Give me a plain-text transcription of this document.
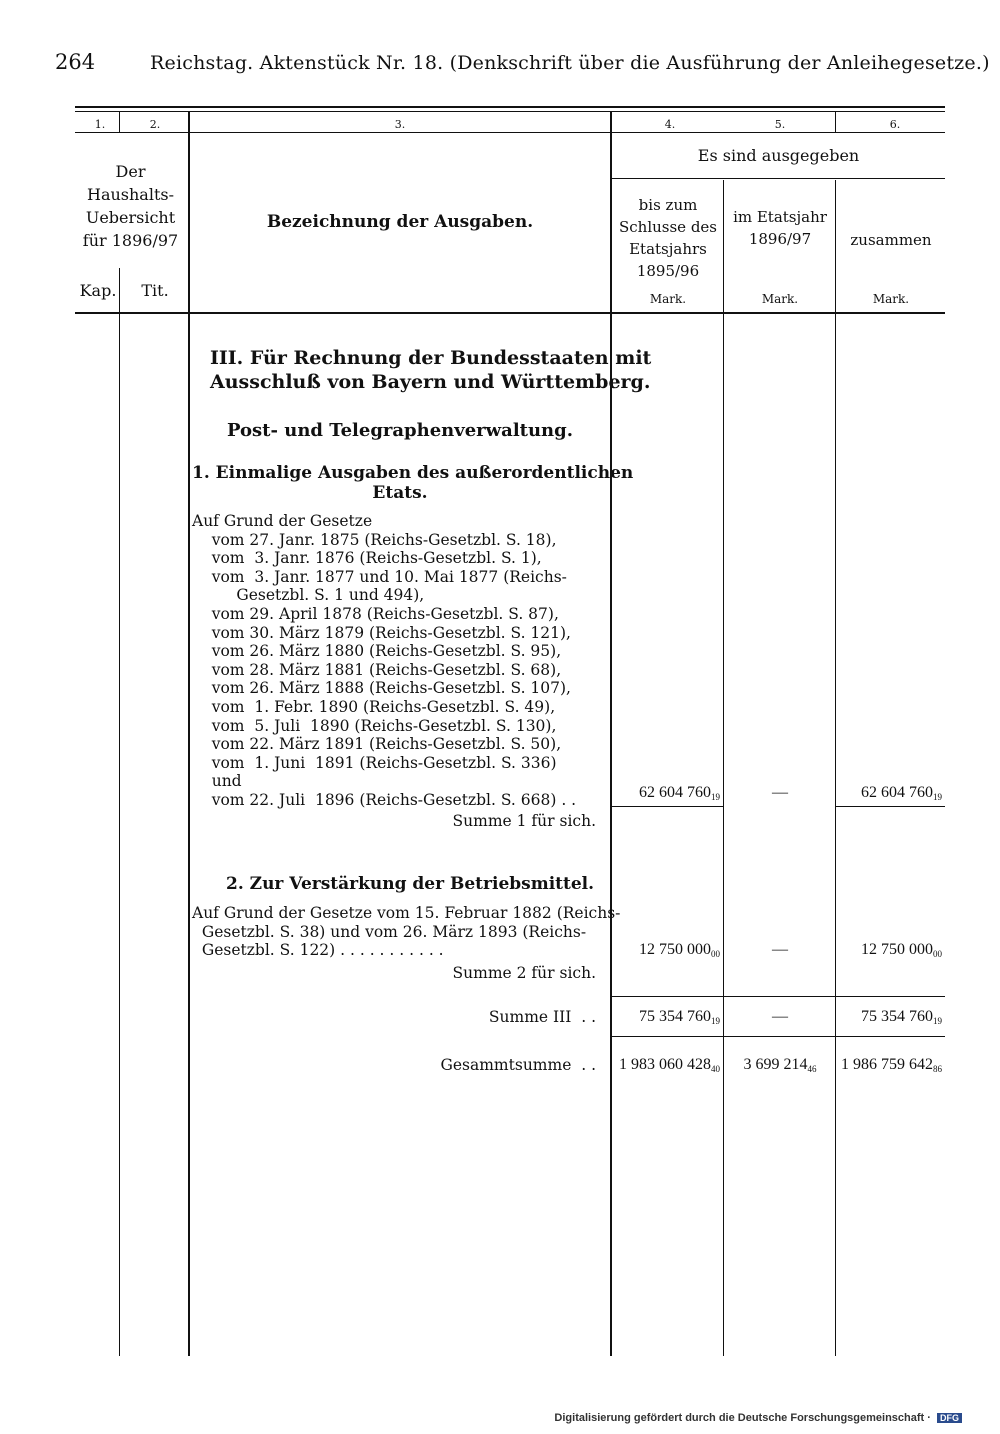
264	Reichstag. Aktenstück Nr. 18. (Denkschrift über die Ausführung der Anleihegesetze.)
1.	2.	3.	4.	5.	6.
Der Haushalts- Uebersicht für 1896/97
Kap.	Tit.
Bezeichnung der Ausgaben.
Es sind ausgegeben
bis zum Schlusse des Etatsjahrs 1895/96
im Etatsjahr 1896/97	zusammen
Mark.	Mark.	Mark.
III. Für Rechnung der Bundesstaaten mit
Ausschluß von Bayern und Württemberg.
Post- und Telegraphenverwaltung.
1. Einmalige Ausgaben des außerordentlichen
Etats.
Auf Grund der Gesetze
vom 27. Janr. 1875 (Reichs-Gesetzbl. S. 18),
vom  3. Janr. 1876 (Reichs-Gesetzbl. S. 1),
vom  3. Janr. 1877 und 10. Mai 1877 (Reichs-
Gesetzbl. S. 1 und 494),
vom 29. April 1878 (Reichs-Gesetzbl. S. 87),
vom 30. März 1879 (Reichs-Gesetzbl. S. 121),
vom 26. März 1880 (Reichs-Gesetzbl. S. 95),
vom 28. März 1881 (Reichs-Gesetzbl. S. 68),
vom 26. März 1888 (Reichs-Gesetzbl. S. 107),
vom  1. Febr. 1890 (Reichs-Gesetzbl. S. 49),
vom  5. Juli  1890 (Reichs-Gesetzbl. S. 130),
vom 22. März 1891 (Reichs-Gesetzbl. S. 50),
vom  1. Juni  1891 (Reichs-Gesetzbl. S. 336)
und
vom 22. Juli  1896 (Reichs-Gesetzbl. S. 668) . .	62 604 $760_{19}$	—	62 604 $760_{19}$
Summe 1 für sich.
2. Zur Verstärkung der Betriebsmittel.
Auf Grund der Gesetze vom 15. Februar 1882 (Reichs-
Gesetzbl. S. 38) und vom 26. März 1893 (Reichs-
Gesetzbl. S. 122) . . . . . . . . . . .	12 750 $000_{00}$	—	12 750 $000_{00}$
Summe 2 für sich.
Summe III  . .	75 354 $760_{19}$	—	75 354 $760_{19}$
Gesammtsumme  . .	1 983 060 $428_{40}$	3 699 $214_{46}$	1 986 759 $642_{86}$
Digitalisierung gefördert durch die Deutsche Forschungsgemeinschaft · DFG
